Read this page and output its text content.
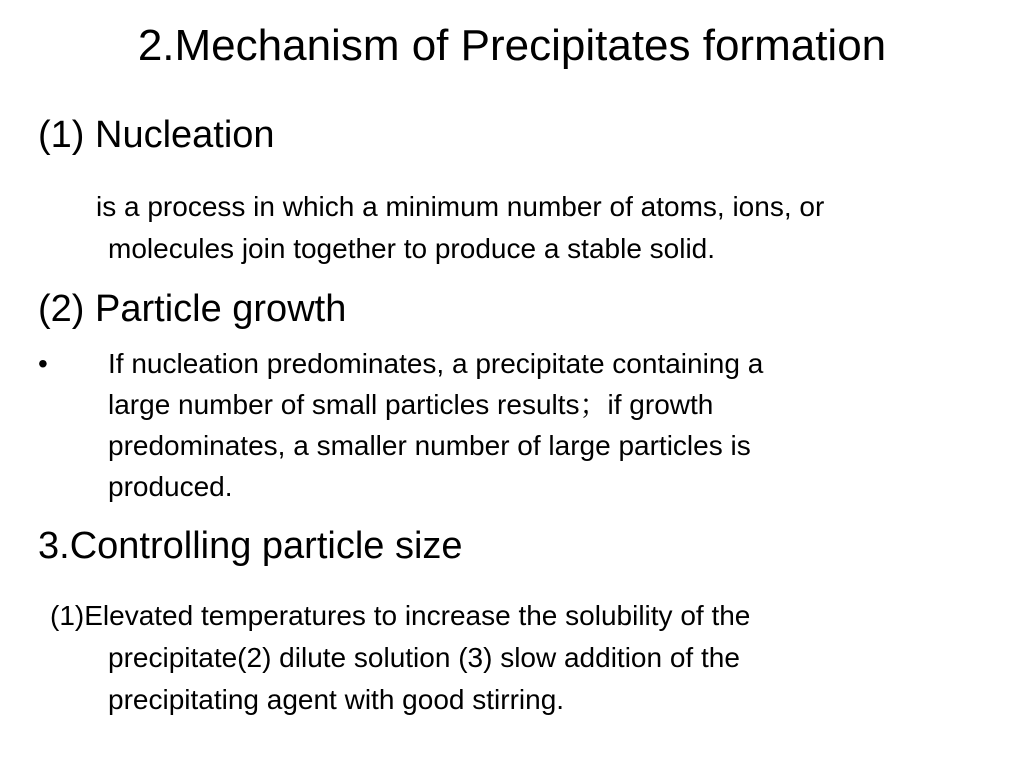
2.Mechanism of Precipitates formation
(1) Nucleation
is a process in which a minimum number of atoms, ions, or
molecules join together to produce a stable solid.
(2) Particle growth
• If nucleation predominates, a precipitate containing a
large number of small particles results；if growth
predominates, a smaller number of large particles is
produced.
3.Controlling particle size
(1)Elevated temperatures to increase the solubility of the
precipitate(2) dilute solution (3) slow addition of the
precipitating agent with good stirring.
